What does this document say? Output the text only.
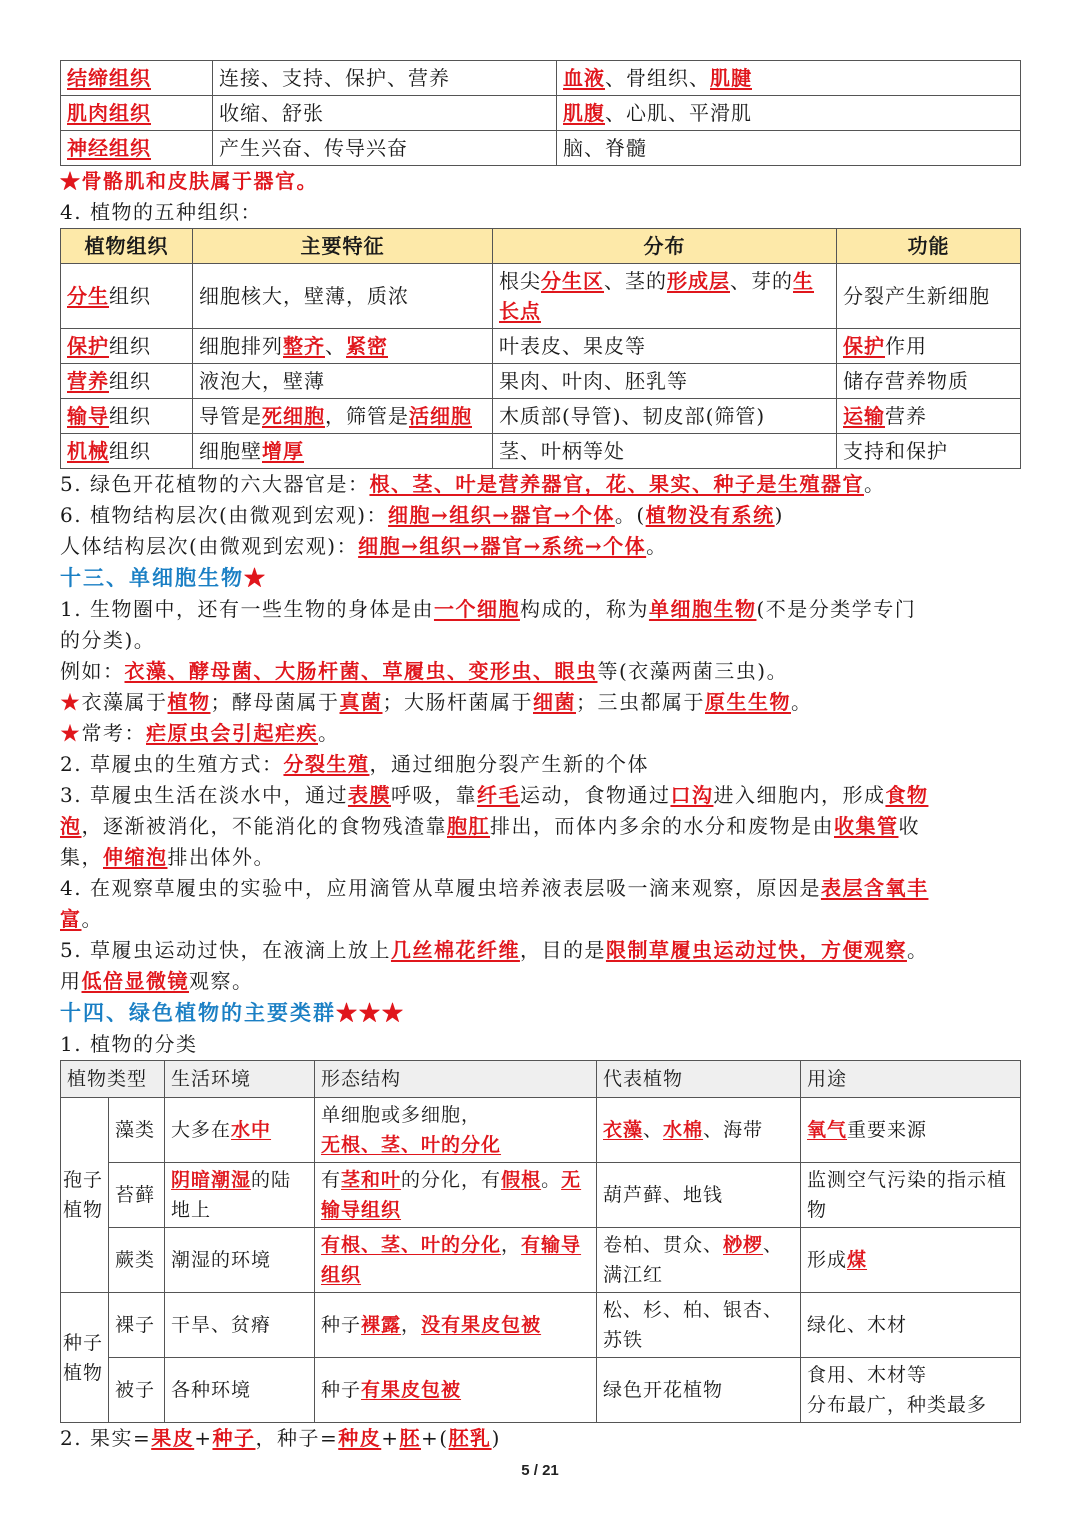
结缔组织	连接、支持、保护、营养	血液、骨组织、肌腱
肌肉组织	收缩、舒张	肌腹、心肌、平滑肌
神经组织	产生兴奋、传导兴奋	脑、脊髓

★骨骼肌和皮肤属于器官。

4. 植物的五种组织：

植物组织	主要特征	分布	功能
分生组织	细胞核大，壁薄，质浓	根尖分生区、茎的形成层、芽的生长点	分裂产生新细胞
保护组织	细胞排列整齐、紧密	叶表皮、果皮等	保护作用
营养组织	液泡大，壁薄	果肉、叶肉、胚乳等	储存营养物质
输导组织	导管是死细胞，筛管是活细胞	木质部(导管)、韧皮部(筛管)	运输营养
机械组织	细胞壁增厚	茎、叶柄等处	支持和保护

5. 绿色开花植物的六大器官是：根、茎、叶是营养器官，花、果实、种子是生殖器官。

6. 植物结构层次(由微观到宏观)：细胞→组织→器官→个体。(植物没有系统)

人体结构层次(由微观到宏观)：细胞→组织→器官→系统→个体。

十三、单细胞生物★

1. 生物圈中，还有一些生物的身体是由一个细胞构成的，称为单细胞生物(不是分类学专门
的分类)。

例如：衣藻、酵母菌、大肠杆菌、草履虫、变形虫、眼虫等(衣藻两菌三虫)。

★衣藻属于植物；酵母菌属于真菌；大肠杆菌属于细菌；三虫都属于原生生物。

★常考：疟原虫会引起疟疾。

2. 草履虫的生殖方式：分裂生殖，通过细胞分裂产生新的个体

3. 草履虫生活在淡水中，通过表膜呼吸，靠纤毛运动，食物通过口沟进入细胞内，形成食物
泡，逐渐被消化，不能消化的食物残渣靠胞肛排出，而体内多余的水分和废物是由收集管收
集，伸缩泡排出体外。

4. 在观察草履虫的实验中，应用滴管从草履虫培养液表层吸一滴来观察，原因是表层含氧丰
富。

5. 草履虫运动过快，在液滴上放上几丝棉花纤维，目的是限制草履虫运动过快，方便观察。
用低倍显微镜观察。

十四、绿色植物的主要类群★★★

1. 植物的分类

植物类型		生活环境	形态结构	代表植物	用途
孢子植物	藻类	大多在水中	单细胞或多细胞，
无根、茎、叶的分化	衣藻、水棉、海带	氧气重要来源
	苔藓	阴暗潮湿的陆地上	有茎和叶的分化，有假根。无输导组织	葫芦藓、地钱	监测空气污染的指示植物
	蕨类	潮湿的环境	有根、茎、叶的分化，有输导组织	卷柏、贯众、桫椤、满江红	形成煤
种子植物	裸子	干旱、贫瘠	种子裸露，没有果皮包被	松、杉、柏、银杏、苏铁	绿化、木材
	被子	各种环境	种子有果皮包被	绿色开花植物	食用、木材等
分布最广，种类最多

2. 果实=果皮+种子，种子=种皮+胚+(胚乳)

5 / 21
